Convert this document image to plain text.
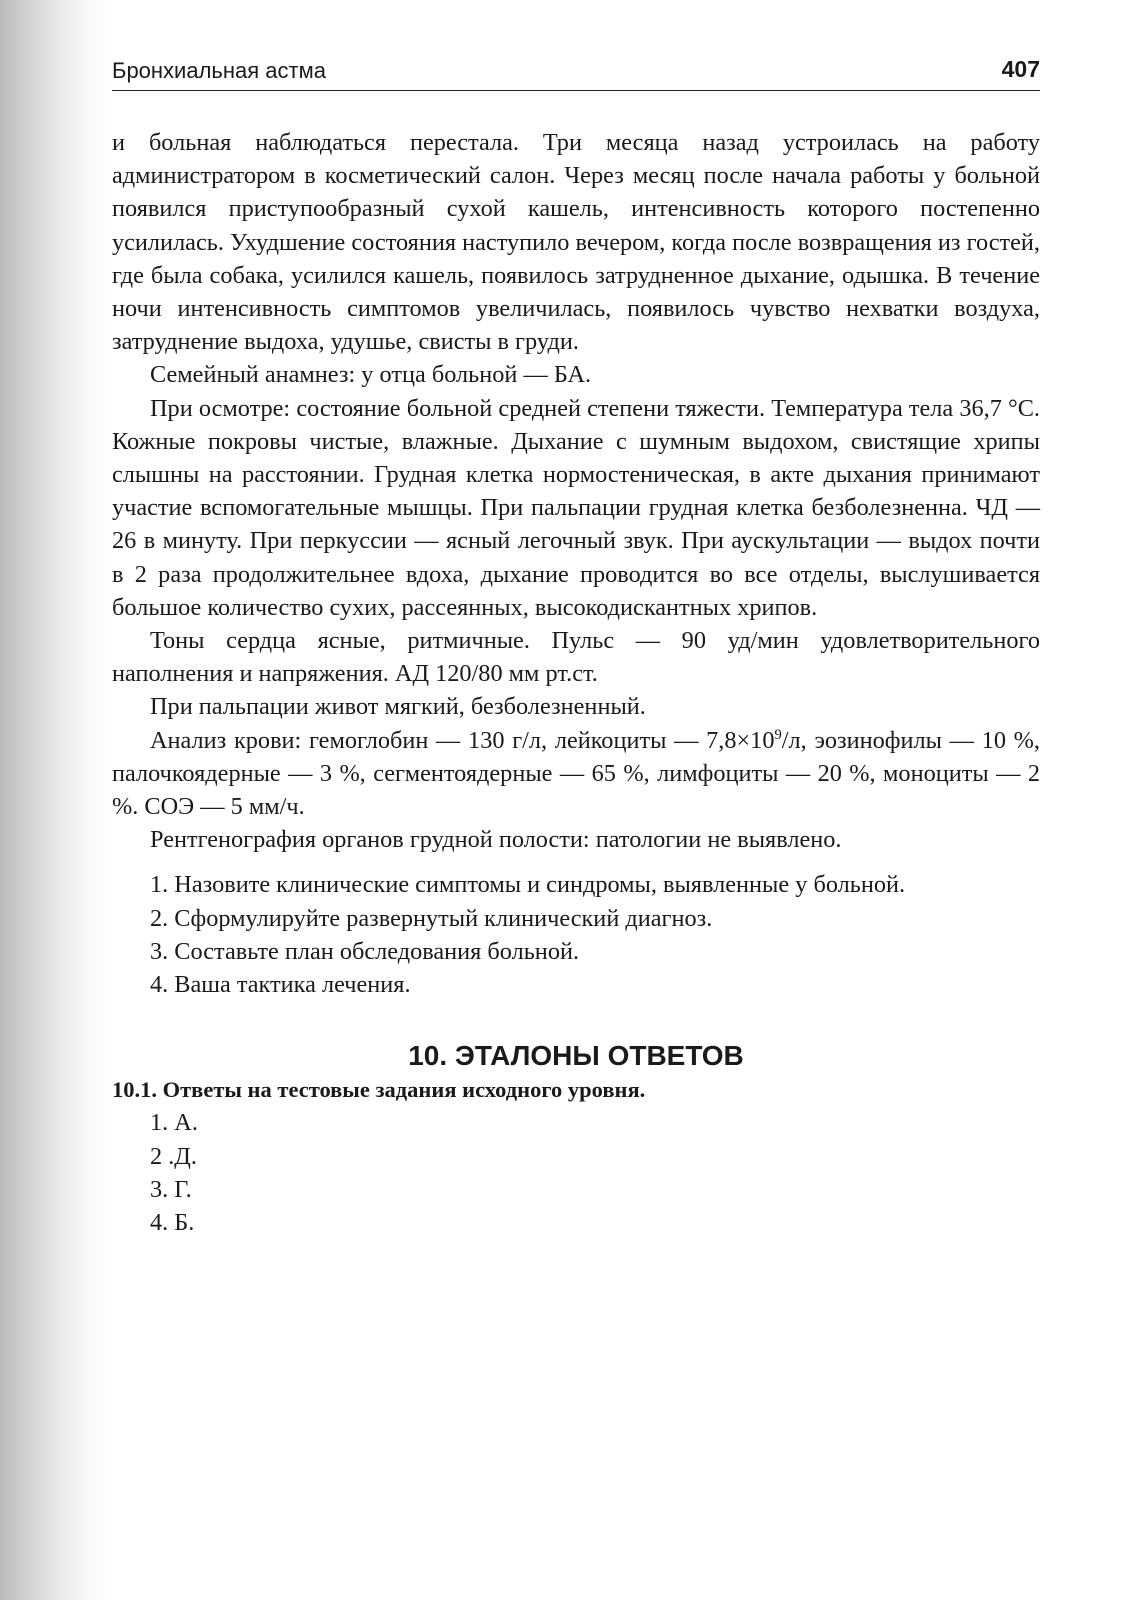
Бронхиальная астма	407

и больная наблюдаться перестала. Три месяца назад устроилась на работу администратором в косметический салон. Через месяц после начала работы у больной появился приступообразный сухой кашель, интенсивность которого постепенно усилилась. Ухудшение состояния наступило вечером, когда после возвращения из гостей, где была собака, усилился кашель, появилось затрудненное дыхание, одышка. В течение ночи интенсивность симптомов увеличилась, появилось чувство нехватки воздуха, затруднение выдоха, удушье, свисты в груди.

Семейный анамнез: у отца больной — БА.

При осмотре: состояние больной средней степени тяжести. Температура тела 36,7 °С. Кожные покровы чистые, влажные. Дыхание с шумным выдохом, свистящие хрипы слышны на расстоянии. Грудная клетка нормостеническая, в акте дыхания принимают участие вспомогательные мышцы. При пальпации грудная клетка безболезненна. ЧД — 26 в минуту. При перкуссии — ясный легочный звук. При аускультации — выдох почти в 2 раза продолжительнее вдоха, дыхание проводится во все отделы, выслушивается большое количество сухих, рассеянных, высокодискантных хрипов.

Тоны сердца ясные, ритмичные. Пульс — 90 уд/мин удовлетворительного наполнения и напряжения. АД 120/80 мм рт.ст.

При пальпации живот мягкий, безболезненный.

Анализ крови: гемоглобин — 130 г/л, лейкоциты — $7,8\times 10^9/л$, эозинофилы — 10 %, палочкоядерные — 3 %, сегментоядерные — 65 %, лимфоциты — 20 %, моноциты — 2 %. СОЭ — 5 мм/ч.

Рентгенография органов грудной полости: патологии не выявлено.

1. Назовите клинические симптомы и синдромы, выявленные у больной.

2. Сформулируйте развернутый клинический диагноз.

3. Составьте план обследования больной.

4. Ваша тактика лечения.

10. ЭТАЛОНЫ ОТВЕТОВ

10.1. Ответы на тестовые задания исходного уровня.

1. А.

2 .Д.

3. Г.

4. Б.
